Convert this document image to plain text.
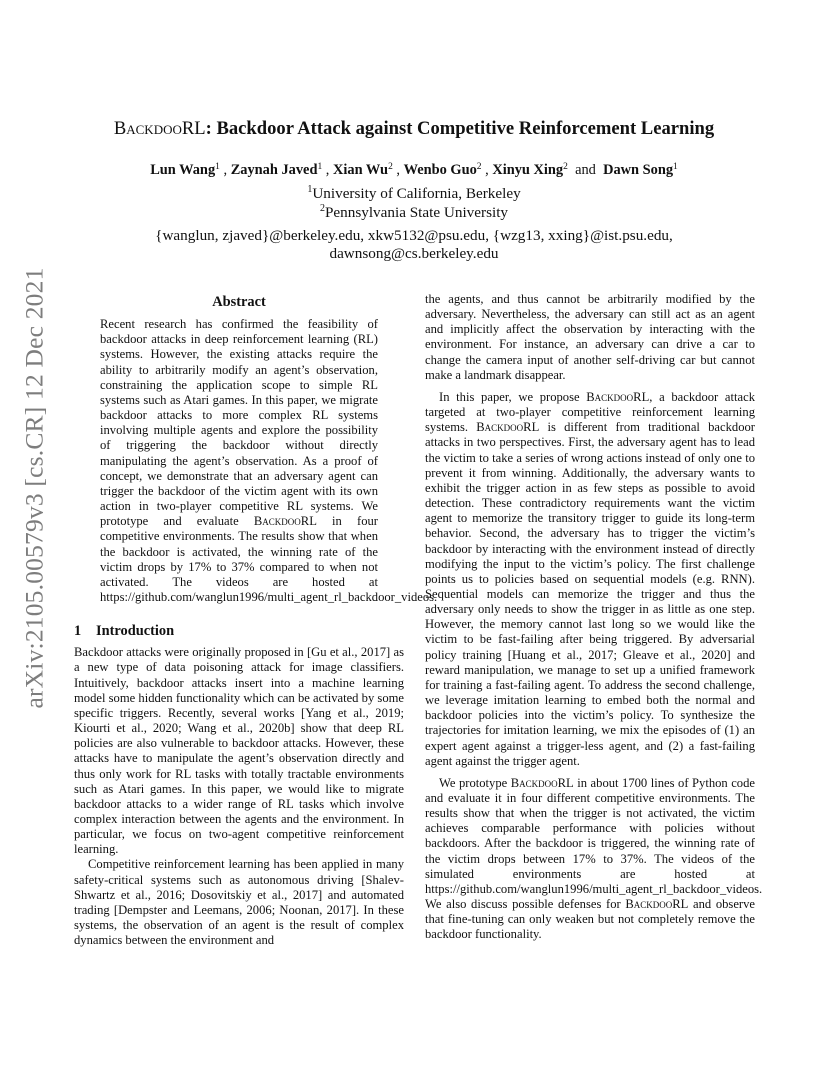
arXiv:2105.00579v3 [cs.CR] 12 Dec 2021
BackdooRL: Backdoor Attack against Competitive Reinforcement Learning
Lun Wang$^1$ , Zaynah Javed$^1$ , Xian Wu$^2$ , Wenbo Guo$^2$ , Xinyu Xing$^2$ and Dawn Song$^1$
$^1$University of California, Berkeley
$^2$Pennsylvania State University
{wanglun, zjaved}@berkeley.edu, xkw5132@psu.edu, {wzg13, xxing}@ist.psu.edu,
dawnsong@cs.berkeley.edu

Abstract

Recent research has confirmed the feasibility of backdoor attacks in deep reinforcement learning (RL) systems. However, the existing attacks require the ability to arbitrarily modify an agent’s observation, constraining the application scope to simple RL systems such as Atari games. In this paper, we migrate backdoor attacks to more complex RL systems involving multiple agents and explore the possibility of triggering the backdoor without directly manipulating the agent’s observation. As a proof of concept, we demonstrate that an adversary agent can trigger the backdoor of the victim agent with its own action in two-player competitive RL systems. We prototype and evaluate BackdooRL in four competitive environments. The results show that when the backdoor is activated, the winning rate of the victim drops by 17% to 37% compared to when not activated. The videos are hosted at https://github.com/wanglun1996/multi_agent_rl_backdoor_videos.

1 Introduction

Backdoor attacks were originally proposed in [Gu et al., 2017] as a new type of data poisoning attack for image classifiers. Intuitively, backdoor attacks insert into a machine learning model some hidden functionality which can be activated by some specific triggers. Recently, several works [Yang et al., 2019; Kiourti et al., 2020; Wang et al., 2020b] show that deep RL policies are also vulnerable to backdoor attacks. However, these attacks have to manipulate the agent’s observation directly and thus only work for RL tasks with totally tractable environments such as Atari games. In this paper, we would like to migrate backdoor attacks to a wider range of RL tasks which involve complex interaction between the agents and the environment. In particular, we focus on two-agent competitive reinforcement learning.

Competitive reinforcement learning has been applied in many safety-critical systems such as autonomous driving [Shalev-Shwartz et al., 2016; Dosovitskiy et al., 2017] and automated trading [Dempster and Leemans, 2006; Noonan, 2017]. In these systems, the observation of an agent is the result of complex dynamics between the environment and

the agents, and thus cannot be arbitrarily modified by the adversary. Nevertheless, the adversary can still act as an agent and implicitly affect the observation by interacting with the environment. For instance, an adversary can drive a car to change the camera input of another self-driving car but cannot make a landmark disappear.

In this paper, we propose BackdooRL, a backdoor attack targeted at two-player competitive reinforcement learning systems. BackdooRL is different from traditional backdoor attacks in two perspectives. First, the adversary agent has to lead the victim to take a series of wrong actions instead of only one to prevent it from winning. Additionally, the adversary wants to exhibit the trigger action in as few steps as possible to avoid detection. These contradictory requirements want the victim agent to memorize the transitory trigger to guide its long-term behavior. Second, the adversary has to trigger the victim’s backdoor by interacting with the environment instead of directly modifying the input to the victim’s policy. The first challenge points us to policies based on sequential models (e.g. RNN). Sequential models can memorize the trigger and thus the adversary only needs to show the trigger in as little as one step. However, the memory cannot last long so we would like the victim to be fast-failing after being triggered. By adversarial policy training [Huang et al., 2017; Gleave et al., 2020] and reward manipulation, we manage to set up a unified framework for training a fast-failing agent. To address the second challenge, we leverage imitation learning to embed both the normal and backdoor policies into the victim’s policy. To synthesize the trajectories for imitation learning, we mix the episodes of (1) an expert agent against a trigger-less agent, and (2) a fast-failing agent against the trigger agent.

We prototype BackdooRL in about 1700 lines of Python code and evaluate it in four different competitive environments. The results show that when the trigger is not activated, the victim achieves comparable performance with policies without backdoors. After the backdoor is triggered, the winning rate of the victim drops between 17% to 37%. The videos of the simulated environments are hosted at https://github.com/wanglun1996/multi_agent_rl_backdoor_videos. We also discuss possible defenses for BackdooRL and observe that fine-tuning can only weaken but not completely remove the backdoor functionality.
